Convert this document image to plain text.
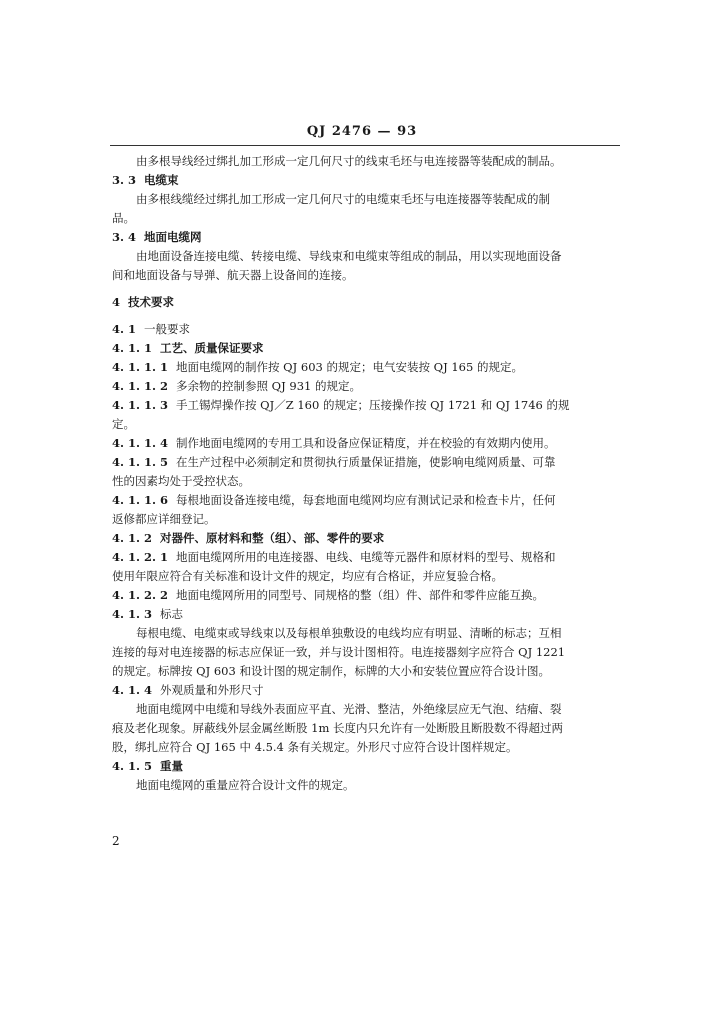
QJ 2476 — 93
由多根导线经过绑扎加工形成一定几何尺寸的线束毛坯与电连接器等装配成的制品。
3. 3 电缆束
由多根线缆经过绑扎加工形成一定几何尺寸的电缆束毛坯与电连接器等装配成的制
品。
3. 4 地面电缆网
由地面设备连接电缆、转接电缆、导线束和电缆束等组成的制品，用以实现地面设备
间和地面设备与导弹、航天器上设备间的连接。
4 技术要求
4. 1 一般要求
4. 1. 1 工艺、质量保证要求
4. 1. 1. 1 地面电缆网的制作按 QJ 603 的规定；电气安装按 QJ 165 的规定。
4. 1. 1. 2 多余物的控制参照 QJ 931 的规定。
4. 1. 1. 3 手工锡焊操作按 QJ／Z 160 的规定；压接操作按 QJ 1721 和 QJ 1746 的规
定。
4. 1. 1. 4 制作地面电缆网的专用工具和设备应保证精度，并在校验的有效期内使用。
4. 1. 1. 5 在生产过程中必须制定和贯彻执行质量保证措施，使影响电缆网质量、可靠
性的因素均处于受控状态。
4. 1. 1. 6 每根地面设备连接电缆，每套地面电缆网均应有测试记录和检查卡片，任何
返修都应详细登记。
4. 1. 2 对器件、原材料和整（组）、部、零件的要求
4. 1. 2. 1 地面电缆网所用的电连接器、电线、电缆等元器件和原材料的型号、规格和
使用年限应符合有关标准和设计文件的规定，均应有合格证，并应复验合格。
4. 1. 2. 2 地面电缆网所用的同型号、同规格的整（组）件、部件和零件应能互换。
4. 1. 3 标志
每根电缆、电缆束或导线束以及每根单独敷设的电线均应有明显、清晰的标志；互相
连接的每对电连接器的标志应保证一致，并与设计图相符。电连接器刻字应符合 QJ 1221
的规定。标牌按 QJ 603 和设计图的规定制作，标牌的大小和安装位置应符合设计图。
4. 1. 4 外观质量和外形尺寸
地面电缆网中电缆和导线外表面应平直、光滑、整洁，外绝缘层应无气泡、结瘤、裂
痕及老化现象。屏蔽线外层金属丝断股 1m 长度内只允许有一处断股且断股数不得超过两
股，绑扎应符合 QJ 165 中 4.5.4 条有关规定。外形尺寸应符合设计图样规定。
4. 1. 5 重量
地面电缆网的重量应符合设计文件的规定。
2
